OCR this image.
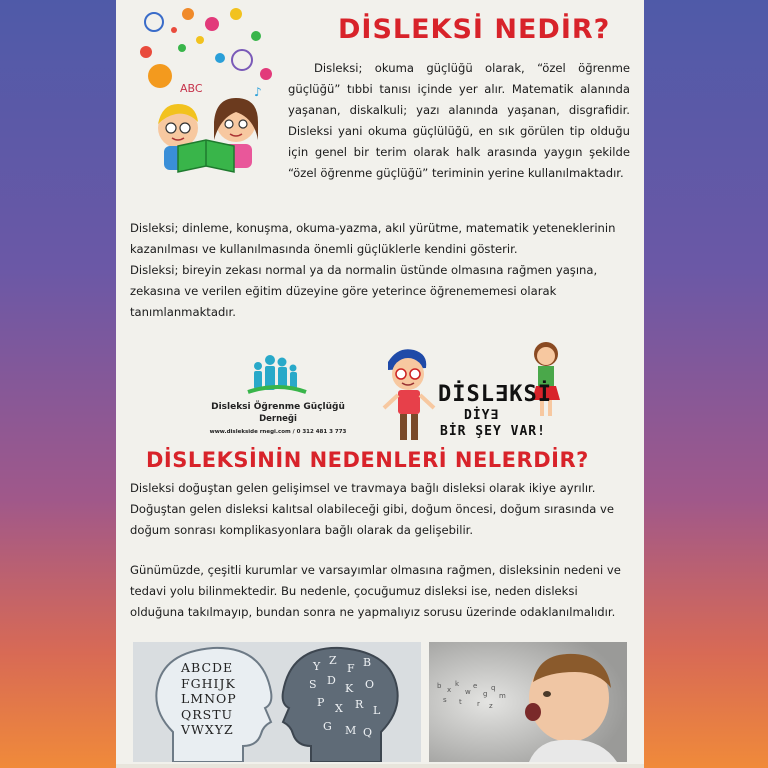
ABC	♪
DİSLEKSİ NEDİR?
Disleksi; okuma güçlüğü olarak, “özel öğrenme güçlüğü” tıbbi tanısı içinde yer alır. Matematik alanında yaşanan, diskalkuli; yazı alanında yaşanan, disgrafidir. Disleksi yani okuma güçlülüğü, en sık görülen tip olduğu için genel bir terim olarak halk arasında yaygın şekilde “özel öğrenme güçlüğü” teriminin yerine kullanılmaktadır.
Disleksi; dinleme, konuşma, okuma-yazma, akıl yürütme, matematik yeteneklerinin kazanılması ve kullanılmasında önemli güçlüklerle kendini gösterir.
Disleksi; bireyin zekası normal ya da normalin üstünde olmasına rağmen yaşına, zekasına ve verilen eğitim düzeyine göre yeterince öğrenememesi olarak tanımlanmaktadır.
Disleksi Öğrenme Güçlüğü
Derneği
www.dislekside rnegi.com / 0 312 481 3 773
DİSL∃KSİ
DİY∃
BİR ŞEY VAR!
DİSLEKSİNİN NEDENLERİ NELERDİR?
Disleksi doğuştan gelen gelişimsel ve travmaya bağlı disleksi olarak ikiye ayrılır. Doğuştan gelen disleksi kalıtsal olabileceği gibi, doğum öncesi, doğum sırasında ve doğum sonrası komplikasyonlara bağlı olarak da gelişebilir.
Günümüzde, çeşitli kurumlar ve varsayımlar olmasına rağmen, disleksinin nedeni ve tedavi yolu bilinmektedir. Bu nedenle, çocuğumuz disleksi ise, neden disleksi olduğuna takılmayıp, bundan sonra ne yapmalıyız sorusu üzerinde odaklanılmalıdır.
Y Z
F B
S D
K O
P X R L
G M Q
ABCDE
FGHIJK
LMNOP
QRSTU
VWXYZ
b x
k
w
e
g
q
m
t r
s
z
